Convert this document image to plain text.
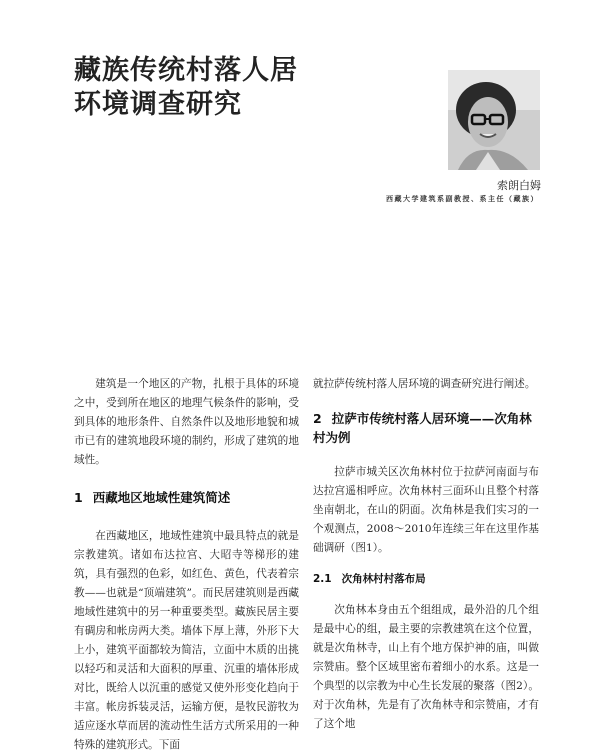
藏族传统村落人居
环境调查研究
索朗白姆
西藏大学建筑系副教授、系主任（藏族）

建筑是一个地区的产物，扎根于具体的环境之中，受到所在地区的地理气候条件的影响，受到具体的地形条件、自然条件以及地形地貌和城市已有的建筑地段环境的制约，形成了建筑的地域性。

1 西藏地区地域性建筑简述

在西藏地区，地域性建筑中最具特点的就是宗教建筑。诸如布达拉宫、大昭寺等梯形的建筑，具有强烈的色彩，如红色、黄色，代表着宗教——也就是“顶端建筑”。而民居建筑则是西藏地域性建筑中的另一种重要类型。藏族民居主要有碉房和帐房两大类。墙体下厚上薄，外形下大上小，建筑平面都较为简洁，立面中木质的出挑以轻巧和灵活和大面积的厚重、沉重的墙体形成对比，既给人以沉重的感觉又使外形变化趋向于丰富。帐房拆装灵活，运输方便，是牧民游牧为适应逐水草而居的流动性生活方式所采用的一种特殊的建筑形式。下面

就拉萨传统村落人居环境的调查研究进行阐述。

2 拉萨市传统村落人居环境——次角林村为例

拉萨市城关区次角林村位于拉萨河南面与布达拉宫遥相呼应。次角林村三面环山且整个村落坐南朝北，在山的阴面。次角林是我们实习的一个观测点，2008～2010年连续三年在这里作基础调研（图1）。

2.1 次角林村村落布局

次角林本身由五个组组成，最外沿的几个组是最中心的组，最主要的宗教建筑在这个位置，就是次角林寺，山上有个地方保护神的庙，叫做宗赞庙。整个区域里密布着细小的水系。这是一个典型的以宗教为中心生长发展的聚落（图2）。对于次角林，先是有了次角林寺和宗赞庙，才有了这个地
